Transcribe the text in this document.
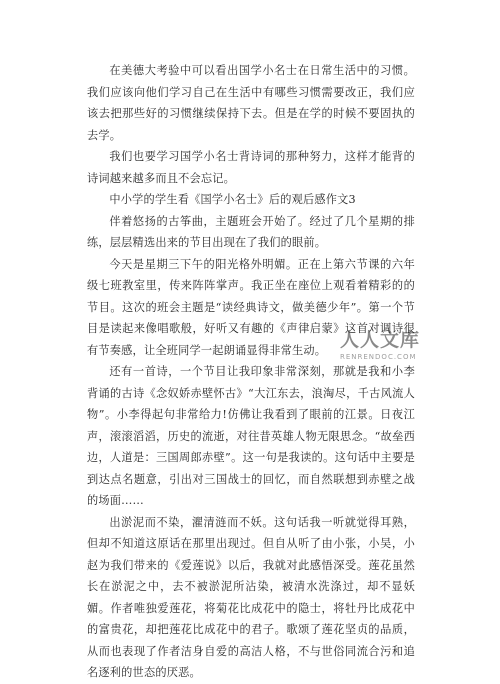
在美德大考验中可以看出国学小名士在日常生活中的习惯。我们应该向他们学习自己在生活中有哪些习惯需要改正，我们应该去把那些好的习惯继续保持下去。但是在学的时候不要固执的去学。

我们也要学习国学小名士背诗词的那种努力，这样才能背的诗词越来越多而且不会忘记。

中小学的学生看《国学小名士》后的观后感作文3

伴着悠扬的古筝曲，主题班会开始了。经过了几个星期的排练，层层精选出来的节目出现在了我们的眼前。

今天是星期三下午的阳光格外明媚。正在上第六节课的六年级七班教室里，传来阵阵掌声。我正坐在座位上观看着精彩的的节目。这次的班会主题是“读经典诗文，做美德少年”。第一个节目是读起来像唱歌般，好听又有趣的《声律启蒙》这首对调诗很有节奏感，让全班同学一起朗诵显得非常生动。

还有一首诗，一个节目让我印象非常深刻，那就是我和小李背诵的古诗《念奴娇赤壁怀古》“大江东去，浪淘尽，千古风流人物”。小李得起句非常给力!仿佛让我看到了眼前的江景。日夜江声，滚滚滔滔，历史的流逝，对往昔英雄人物无限思念。“故垒西边，人道是：三国周郎赤壁”。这一句是我读的。这句话中主要是到达点名题意，引出对三国战士的回忆，而自然联想到赤壁之战的场面……

出淤泥而不染，濯清涟而不妖。这句话我一听就觉得耳熟，但却不知道这原话在那里出现过。但自从听了由小张，小吴，小赵为我们带来的《爱莲说》以后，我就对此感悟深受。莲花虽然长在淤泥之中，去不被淤泥所沾染，被清水洗涤过，却不显妖媚。作者唯独爱莲花，将菊花比成花中的隐士，将牡丹比成花中的富贵花，却把莲花比成花中的君子。歌颂了莲花坚贞的品质，从而也表现了作者洁身自爱的高洁人格，不与世俗同流合污和追名逐利的世态的厌恶。

人人文库
RENRENDOC.COM
